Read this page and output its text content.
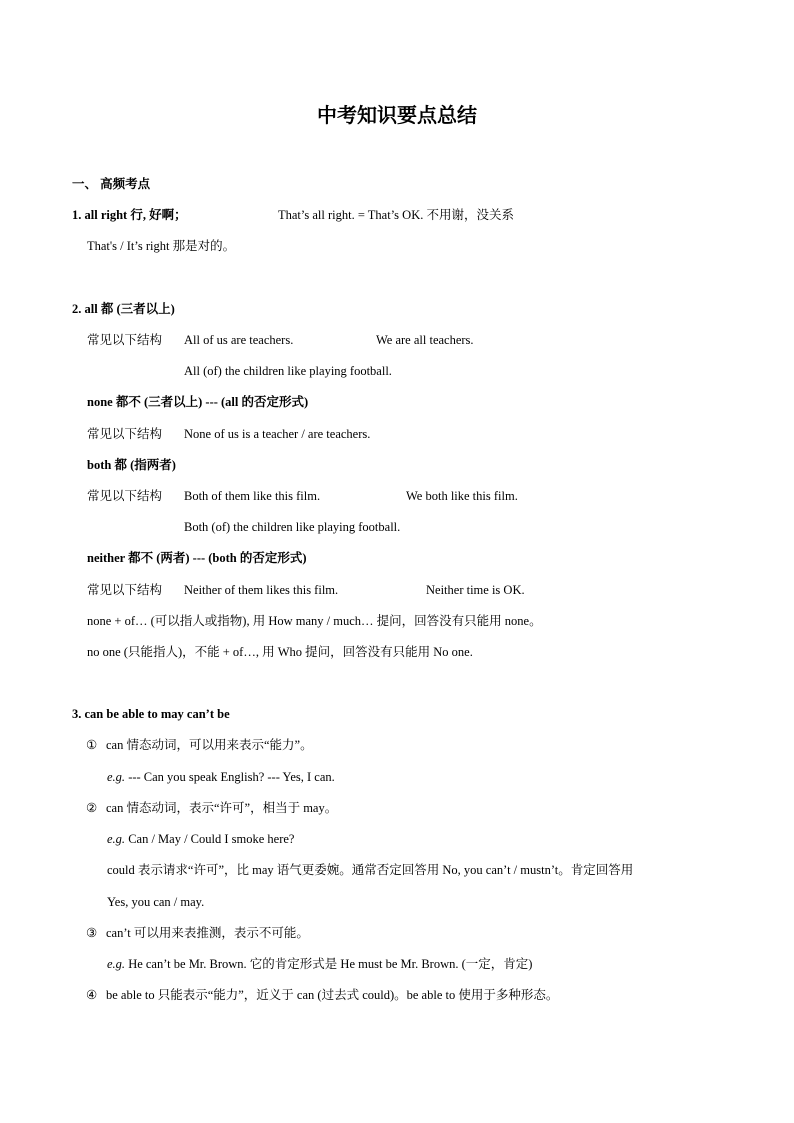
中考知识要点总结
一、 高频考点
1. all right 行, 好啊；	That’s all right. = That’s OK. 不用谢，没关系
That's / It’s right 那是对的。
2. all 都 (三者以上)
常见以下结构 All of us are teachers.	We are all teachers.
All (of) the children like playing football.
none 都不 (三者以上) --- (all 的否定形式)
常见以下结构 None of us is a teacher / are teachers.
both 都 (指两者)
常见以下结构 Both of them like this film.	We both like this film.
Both (of) the children like playing football.
neither 都不 (两者) --- (both 的否定形式)
常见以下结构 Neither of them likes this film.	Neither time is OK.
none + of… (可以指人或指物), 用 How many / much… 提问，回答没有只能用 none。
no one (只能指人)，不能 + of…, 用 Who 提问，回答没有只能用 No one.
3. can be able to may can’t be
① can 情态动词，可以用来表示“能力”。
e.g. --- Can you speak English? --- Yes, I can.
② can 情态动词，表示“许可”，相当于 may。
e.g. Can / May / Could I smoke here?
could 表示请求“许可”，比 may 语气更委婉。通常否定回答用 No, you can’t / mustn’t。肯定回答用
Yes, you can / may.
③ can’t 可以用来表推测，表示不可能。
e.g. He can’t be Mr. Brown. 它的肯定形式是 He must be Mr. Brown. (一定，肯定)
④ be able to 只能表示“能力”，近义于 can (过去式 could)。be able to 使用于多种形态。
